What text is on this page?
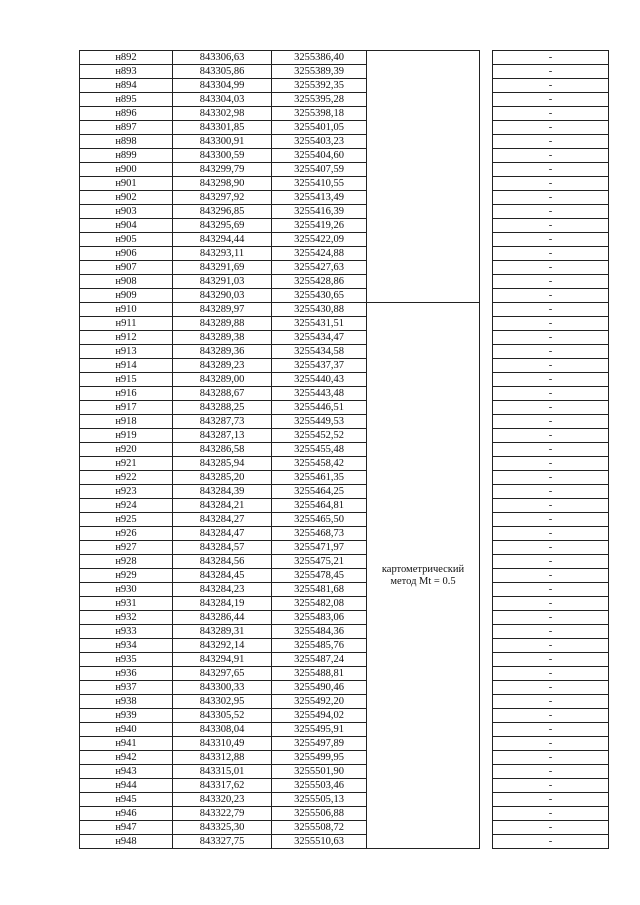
н892	843306,63	3255386,40			-
н893	843305,86	3255389,39			-
н894	843304,99	3255392,35			-
н895	843304,03	3255395,28			-
н896	843302,98	3255398,18			-
н897	843301,85	3255401,05			-
н898	843300,91	3255403,23			-
н899	843300,59	3255404,60			-
н900	843299,79	3255407,59			-
н901	843298,90	3255410,55			-
н902	843297,92	3255413,49			-
н903	843296,85	3255416,39			-
н904	843295,69	3255419,26			-
н905	843294,44	3255422,09			-
н906	843293,11	3255424,88			-
н907	843291,69	3255427,63			-
н908	843291,03	3255428,86			-
н909	843290,03	3255430,65			-
н910	843289,97	3255430,88	картометрический
метод Mt = 0.5		-
н911	843289,88	3255431,51			-
н912	843289,38	3255434,47			-
н913	843289,36	3255434,58			-
н914	843289,23	3255437,37			-
н915	843289,00	3255440,43			-
н916	843288,67	3255443,48			-
н917	843288,25	3255446,51			-
н918	843287,73	3255449,53			-
н919	843287,13	3255452,52			-
н920	843286,58	3255455,48			-
н921	843285,94	3255458,42			-
н922	843285,20	3255461,35			-
н923	843284,39	3255464,25			-
н924	843284,21	3255464,81			-
н925	843284,27	3255465,50			-
н926	843284,47	3255468,73			-
н927	843284,57	3255471,97			-
н928	843284,56	3255475,21			-
н929	843284,45	3255478,45			-
н930	843284,23	3255481,68			-
н931	843284,19	3255482,08			-
н932	843286,44	3255483,06			-
н933	843289,31	3255484,36			-
н934	843292,14	3255485,76			-
н935	843294,91	3255487,24			-
н936	843297,65	3255488,81			-
н937	843300,33	3255490,46			-
н938	843302,95	3255492,20			-
н939	843305,52	3255494,02			-
н940	843308,04	3255495,91			-
н941	843310,49	3255497,89			-
н942	843312,88	3255499,95			-
н943	843315,01	3255501,90			-
н944	843317,62	3255503,46			-
н945	843320,23	3255505,13			-
н946	843322,79	3255506,88			-
н947	843325,30	3255508,72			-
н948	843327,75	3255510,63			-
